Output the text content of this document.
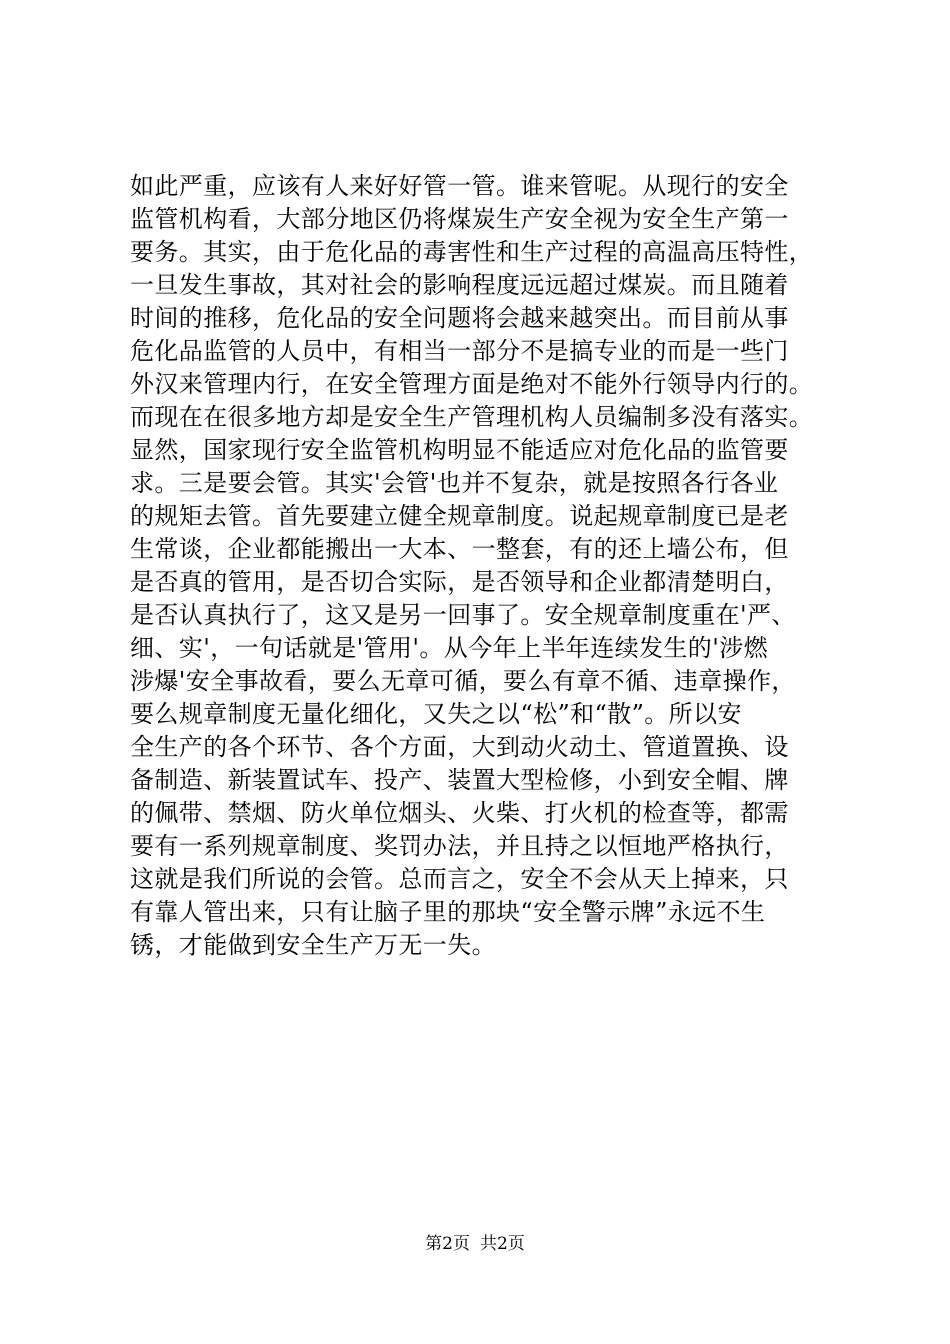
如此严重，应该有人来好好管一管。谁来管呢。从现行的安全
监管机构看，大部分地区仍将煤炭生产安全视为安全生产第一
要务。其实，由于危化品的毒害性和生产过程的高温高压特性，
一旦发生事故，其对社会的影响程度远远超过煤炭。而且随着
时间的推移，危化品的安全问题将会越来越突出。而目前从事
危化品监管的人员中，有相当一部分不是搞专业的而是一些门
外汉来管理内行，在安全管理方面是绝对不能外行领导内行的。
而现在在很多地方却是安全生产管理机构人员编制多没有落实。
显然，国家现行安全监管机构明显不能适应对危化品的监管要
求。三是要会管。其实'会管'也并不复杂，就是按照各行各业
的规矩去管。首先要建立健全规章制度。说起规章制度已是老
生常谈，企业都能搬出一大本、一整套，有的还上墙公布，但
是否真的管用，是否切合实际，是否领导和企业都清楚明白，
是否认真执行了，这又是另一回事了。安全规章制度重在'严、
细、实'，一句话就是'管用'。从今年上半年连续发生的'涉燃
涉爆'安全事故看，要么无章可循，要么有章不循、违章操作，
要么规章制度无量化细化，又失之以“松”和“散”。所以安
全生产的各个环节、各个方面，大到动火动土、管道置换、设
备制造、新装置试车、投产、装置大型检修，小到安全帽、牌
的佩带、禁烟、防火单位烟头、火柴、打火机的检查等，都需
要有一系列规章制度、奖罚办法，并且持之以恒地严格执行，
这就是我们所说的会管。总而言之，安全不会从天上掉来，只
有靠人管出来，只有让脑子里的那块“安全警示牌”永远不生
锈，才能做到安全生产万无一失。
第2页 共2页
